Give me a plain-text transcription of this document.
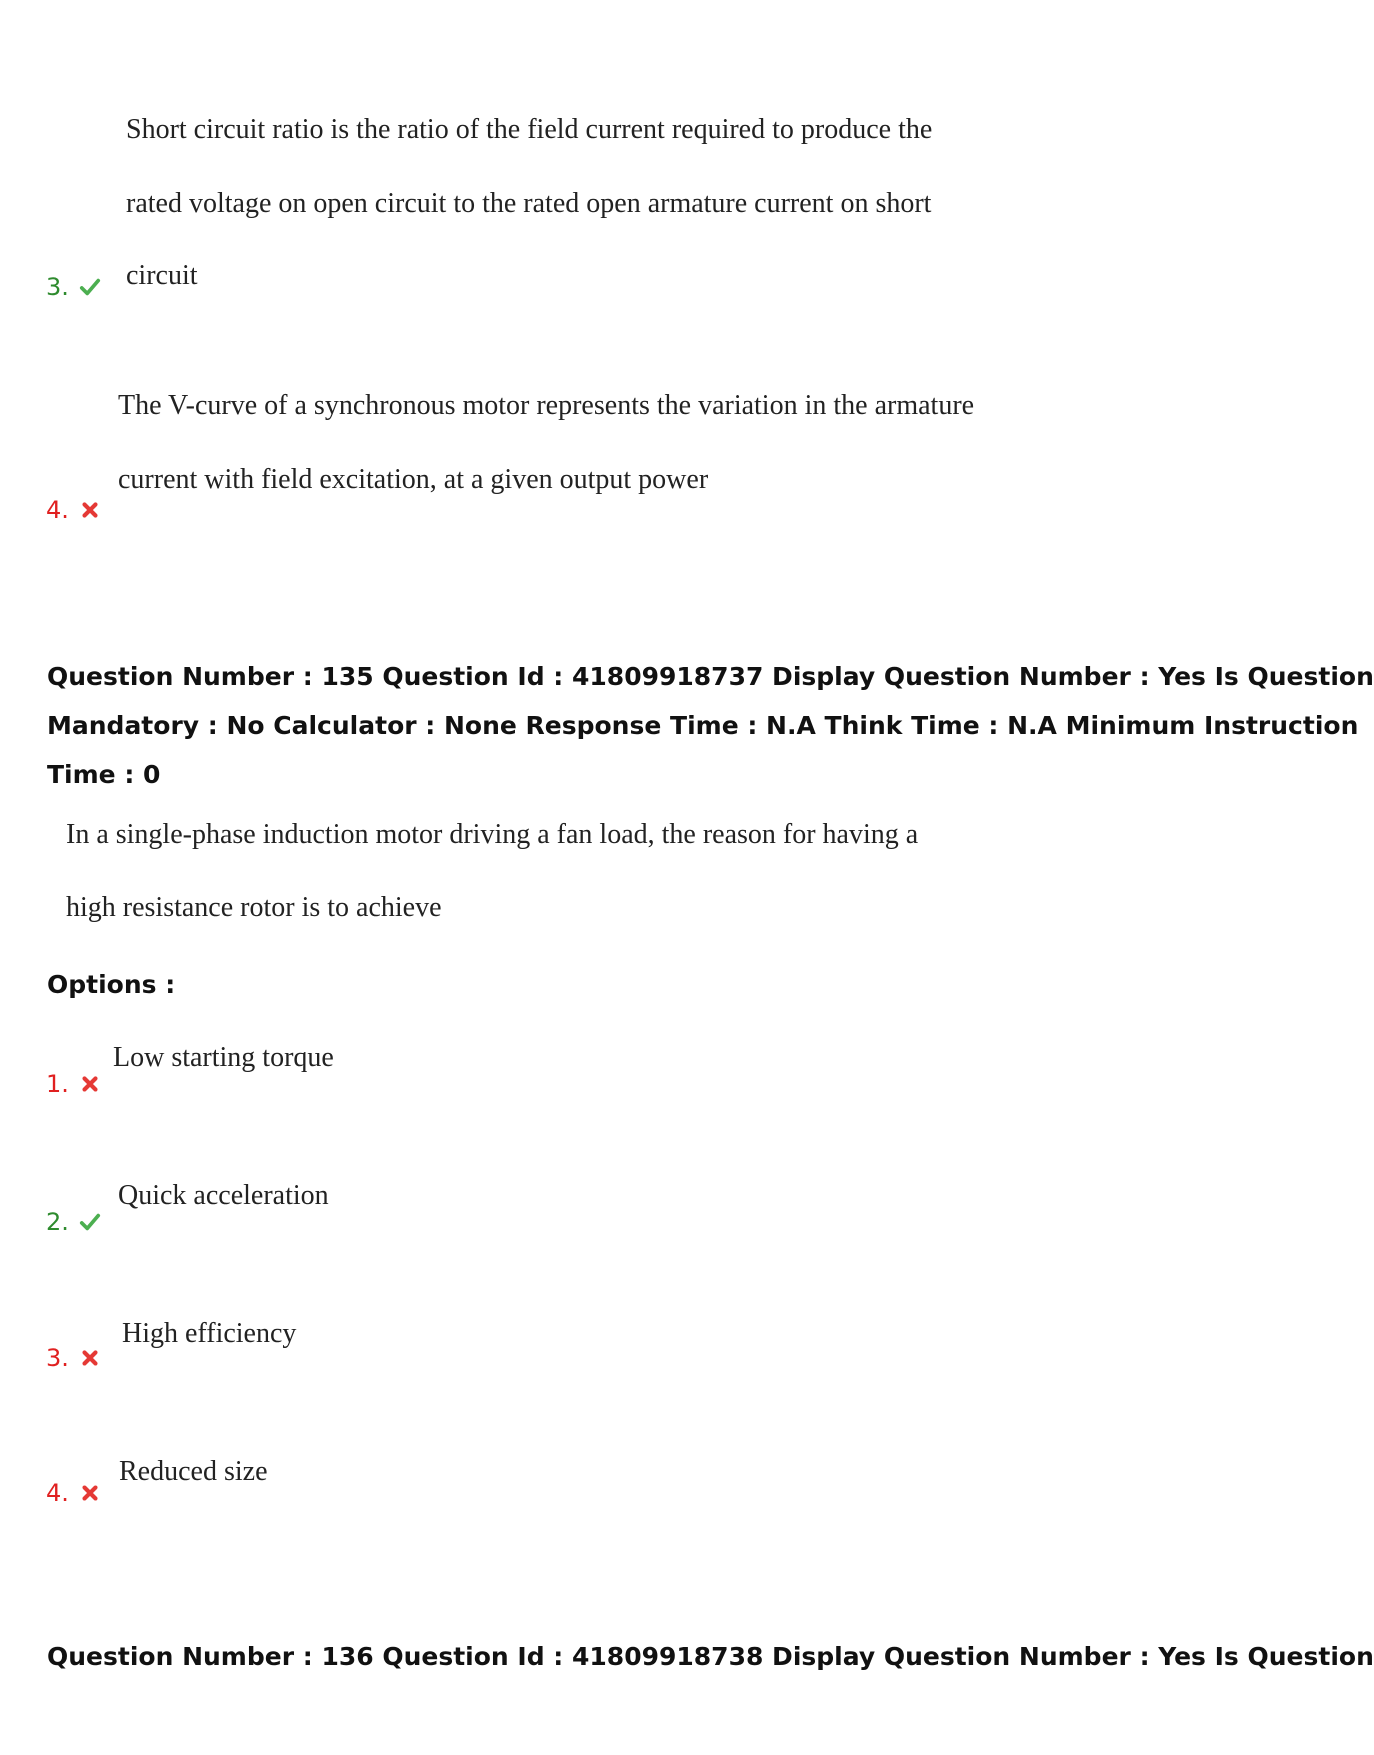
Short circuit ratio is the ratio of the field current required to produce the
rated voltage on open circuit to the rated open armature current on short
circuit
3.
The V-curve of a synchronous motor represents the variation in the armature
current with field excitation, at a given output power
4.
Question Number : 135 Question Id : 41809918737 Display Question Number : Yes Is Question
Mandatory : No Calculator : None Response Time : N.A Think Time : N.A Minimum Instruction
Time : 0
In a single-phase induction motor driving a fan load, the reason for having a
high resistance rotor is to achieve
Options :
Low starting torque
1.
Quick acceleration
2.
High efficiency
3.
Reduced size
4.
Question Number : 136 Question Id : 41809918738 Display Question Number : Yes Is Question
